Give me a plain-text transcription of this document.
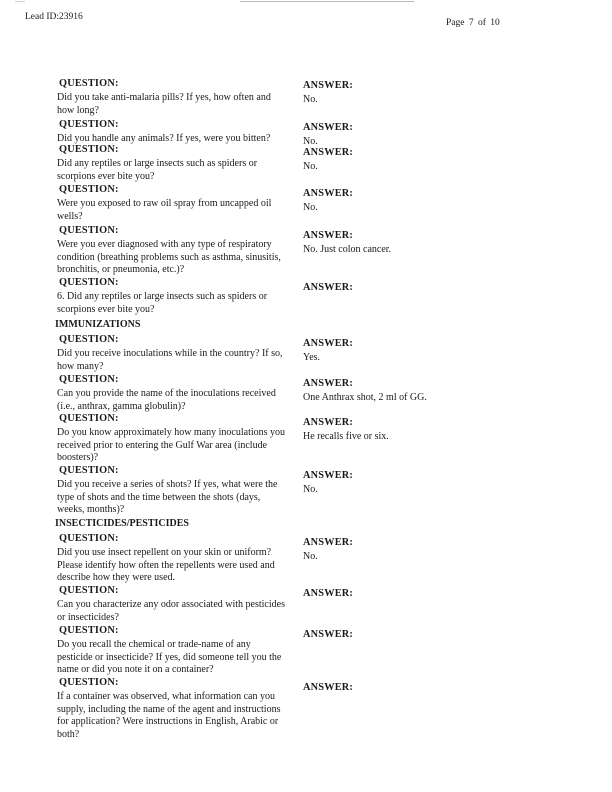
Lead ID:23916
Page 7 of 10
QUESTION:
Did you take anti-malaria pills? If yes, how often and how long?
ANSWER:
No.
QUESTION:
Did you handle any animals? If yes, were you bitten?
ANSWER:
No.
QUESTION:
Did any reptiles or large insects such as spiders or scorpions ever bite you?
ANSWER:
No.
QUESTION:
Were you exposed to raw oil spray from uncapped oil wells?
ANSWER:
No.
QUESTION:
Were you ever diagnosed with any type of respiratory condition (breathing problems such as asthma, sinusitis, bronchitis, or pneumonia, etc.)?
ANSWER:
No. Just colon cancer.
QUESTION:
6. Did any reptiles or large insects such as spiders or scorpions ever bite you?
ANSWER:
IMMUNIZATIONS
QUESTION:
Did you receive inoculations while in the country? If so, how many?
ANSWER:
Yes.
QUESTION:
Can you provide the name of the inoculations received (i.e., anthrax, gamma globulin)?
ANSWER:
One Anthrax shot, 2 ml of GG.
QUESTION:
Do you know approximately how many inoculations you received prior to entering the Gulf War area (include boosters)?
ANSWER:
He recalls five or six.
QUESTION:
Did you receive a series of shots? If yes, what were the type of shots and the time between the shots (days, weeks, months)?
ANSWER:
No.
INSECTICIDES/PESTICIDES
QUESTION:
Did you use insect repellent on your skin or uniform? Please identify how often the repellents were used and describe how they were used.
ANSWER:
No.
QUESTION:
Can you characterize any odor associated with pesticides or insecticides?
ANSWER:
QUESTION:
Do you recall the chemical or trade-name of any pesticide or insecticide? If yes, did someone tell you the name or did you note it on a container?
ANSWER:
QUESTION:
If a container was observed, what information can you supply, including the name of the agent and instructions for application? Were instructions in English, Arabic or both?
ANSWER:
